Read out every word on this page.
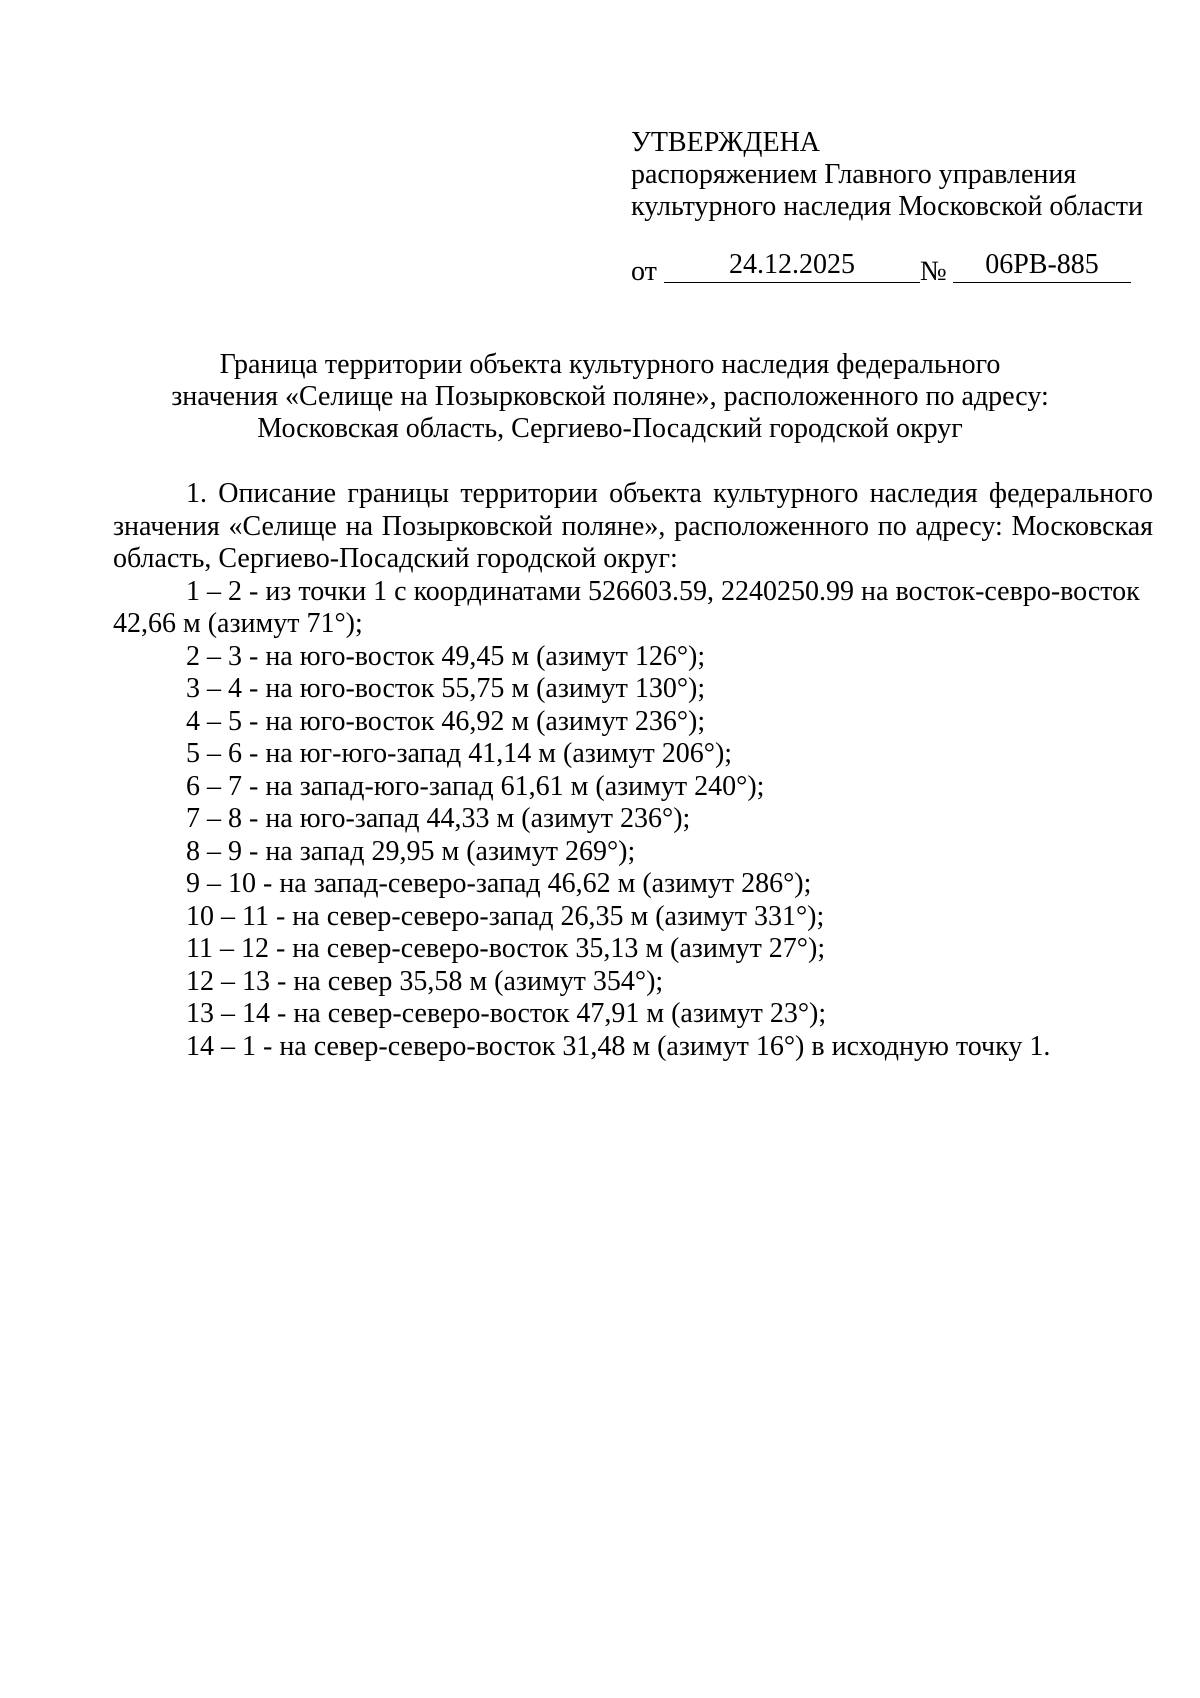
УТВЕРЖДЕНА
распоряжением Главного управления
культурного наследия Московской области
от	24.12.2025	№	06РВ-885
Граница территории объекта культурного наследия федерального
значения «Селище на Позырковской поляне», расположенного по адресу:
Московская область, Сергиево-Посадский городской округ

1. Описание границы территории объекта культурного наследия федерального значения «Селище на Позырковской поляне», расположенного по адресу: Московская область, Сергиево-Посадский городской округ:

1 – 2 - из точки 1 с координатами 526603.59, 2240250.99 на восток-севро-восток 42,66 м (азимут 71°);

2 – 3 - на юго-восток 49,45 м (азимут 126°);

3 – 4 - на юго-восток 55,75 м (азимут 130°);

4 – 5 - на юго-восток 46,92 м (азимут 236°);

5 – 6 - на юг-юго-запад 41,14 м (азимут 206°);

6 – 7 - на запад-юго-запад 61,61 м (азимут 240°);

7 – 8 - на юго-запад 44,33 м (азимут 236°);

8 – 9 - на запад 29,95 м (азимут 269°);

9 – 10 - на запад-северо-запад 46,62 м (азимут 286°);

10 – 11 - на север-северо-запад 26,35 м (азимут 331°);

11 – 12 - на север-северо-восток 35,13 м (азимут 27°);

12 – 13 - на север 35,58 м (азимут 354°);

13 – 14 - на север-северо-восток 47,91 м (азимут 23°);

14 – 1 - на север-северо-восток 31,48 м (азимут 16°) в исходную точку 1.
